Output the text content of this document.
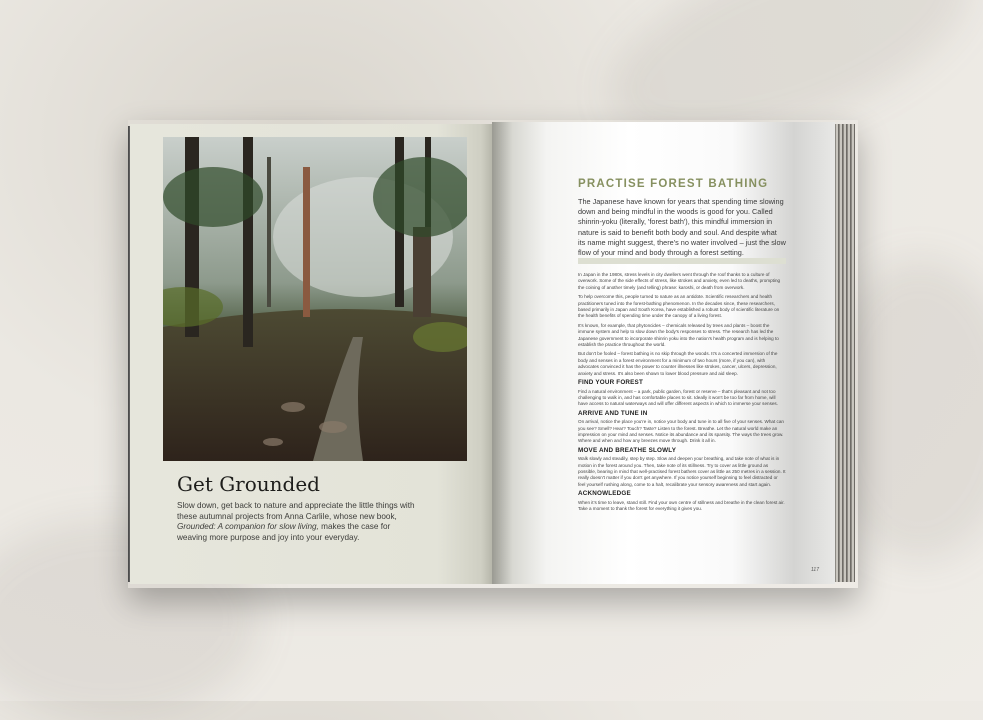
Get Grounded
Slow down, get back to nature and appreciate the little things with these autumnal projects from Anna Carlile, whose new book, Grounded: A companion for slow living, makes the case for weaving more purpose and joy into your everyday.
PRACTISE FOREST BATHING
The Japanese have known for years that spending time slowing down and being mindful in the woods is good for you. Called shinrin-yoku (literally, 'forest bath'), this mindful immersion in nature is said to benefit both body and soul. And despite what its name might suggest, there's no water involved – just the slow flow of your mind and body through a forest setting.

In Japan in the 1980s, stress levels in city dwellers went through the roof thanks to a culture of overwork. Some of the side effects of stress, like strokes and anxiety, even led to deaths, prompting the coining of another timely (and telling) phrase: karoshi, or death from overwork.

To help overcome this, people turned to nature as an antidote. Scientific researchers and health practitioners tuned into the forest-bathing phenomenon. In the decades since, these researchers, based primarily in Japan and South Korea, have established a robust body of scientific literature on the health benefits of spending time under the canopy of a living forest.

It's known, for example, that phytoncides – chemicals released by trees and plants – boost the immune system and help to slow down the body's responses to stress. The research has led the Japanese government to incorporate shinrin yoku into the nation's health program and is helping to establish the practice throughout the world.

But don't be fooled – forest bathing is no skip through the woods. It's a concerted immersion of the body and senses in a forest environment for a minimum of two hours (more, if you can), with advocates convinced it has the power to counter illnesses like strokes, cancer, ulcers, depression, anxiety and stress. It's also been shown to lower blood pressure and aid sleep.

FIND YOUR FOREST

Find a natural environment – a park, public garden, forest or reserve – that's pleasant and not too challenging to walk in, and has comfortable places to sit. Ideally it won't be too far from home, will have access to natural waterways and will offer different aspects in which to immerse your senses.

ARRIVE AND TUNE IN

On arrival, notice the place you're in, notice your body and tune in to all five of your senses. What can you see? Smell? Hear? Touch? Taste? Listen to the forest. Breathe. Let the natural world make an impression on your mind and senses. Notice its abundance and its sparsity. The ways the trees grow. Where and when and how any breezes move through. Drink it all in.

MOVE AND BREATHE SLOWLY

Walk slowly and steadily, step by step. Slow and deepen your breathing, and take note of what is in motion in the forest around you. Then, take note of its stillness. Try to cover as little ground as possible, bearing in mind that well-practised forest bathers cover as little as 250 metres in a session. It really doesn't matter if you don't get anywhere. If you notice yourself beginning to feel distracted or feel yourself rushing along, come to a halt, recalibrate your sensory awareness and start again.

ACKNOWLEDGE

When it's time to leave, stand still. Find your own centre of stillness and breathe in the clean forest air. Take a moment to thank the forest for everything it gives you.

117
